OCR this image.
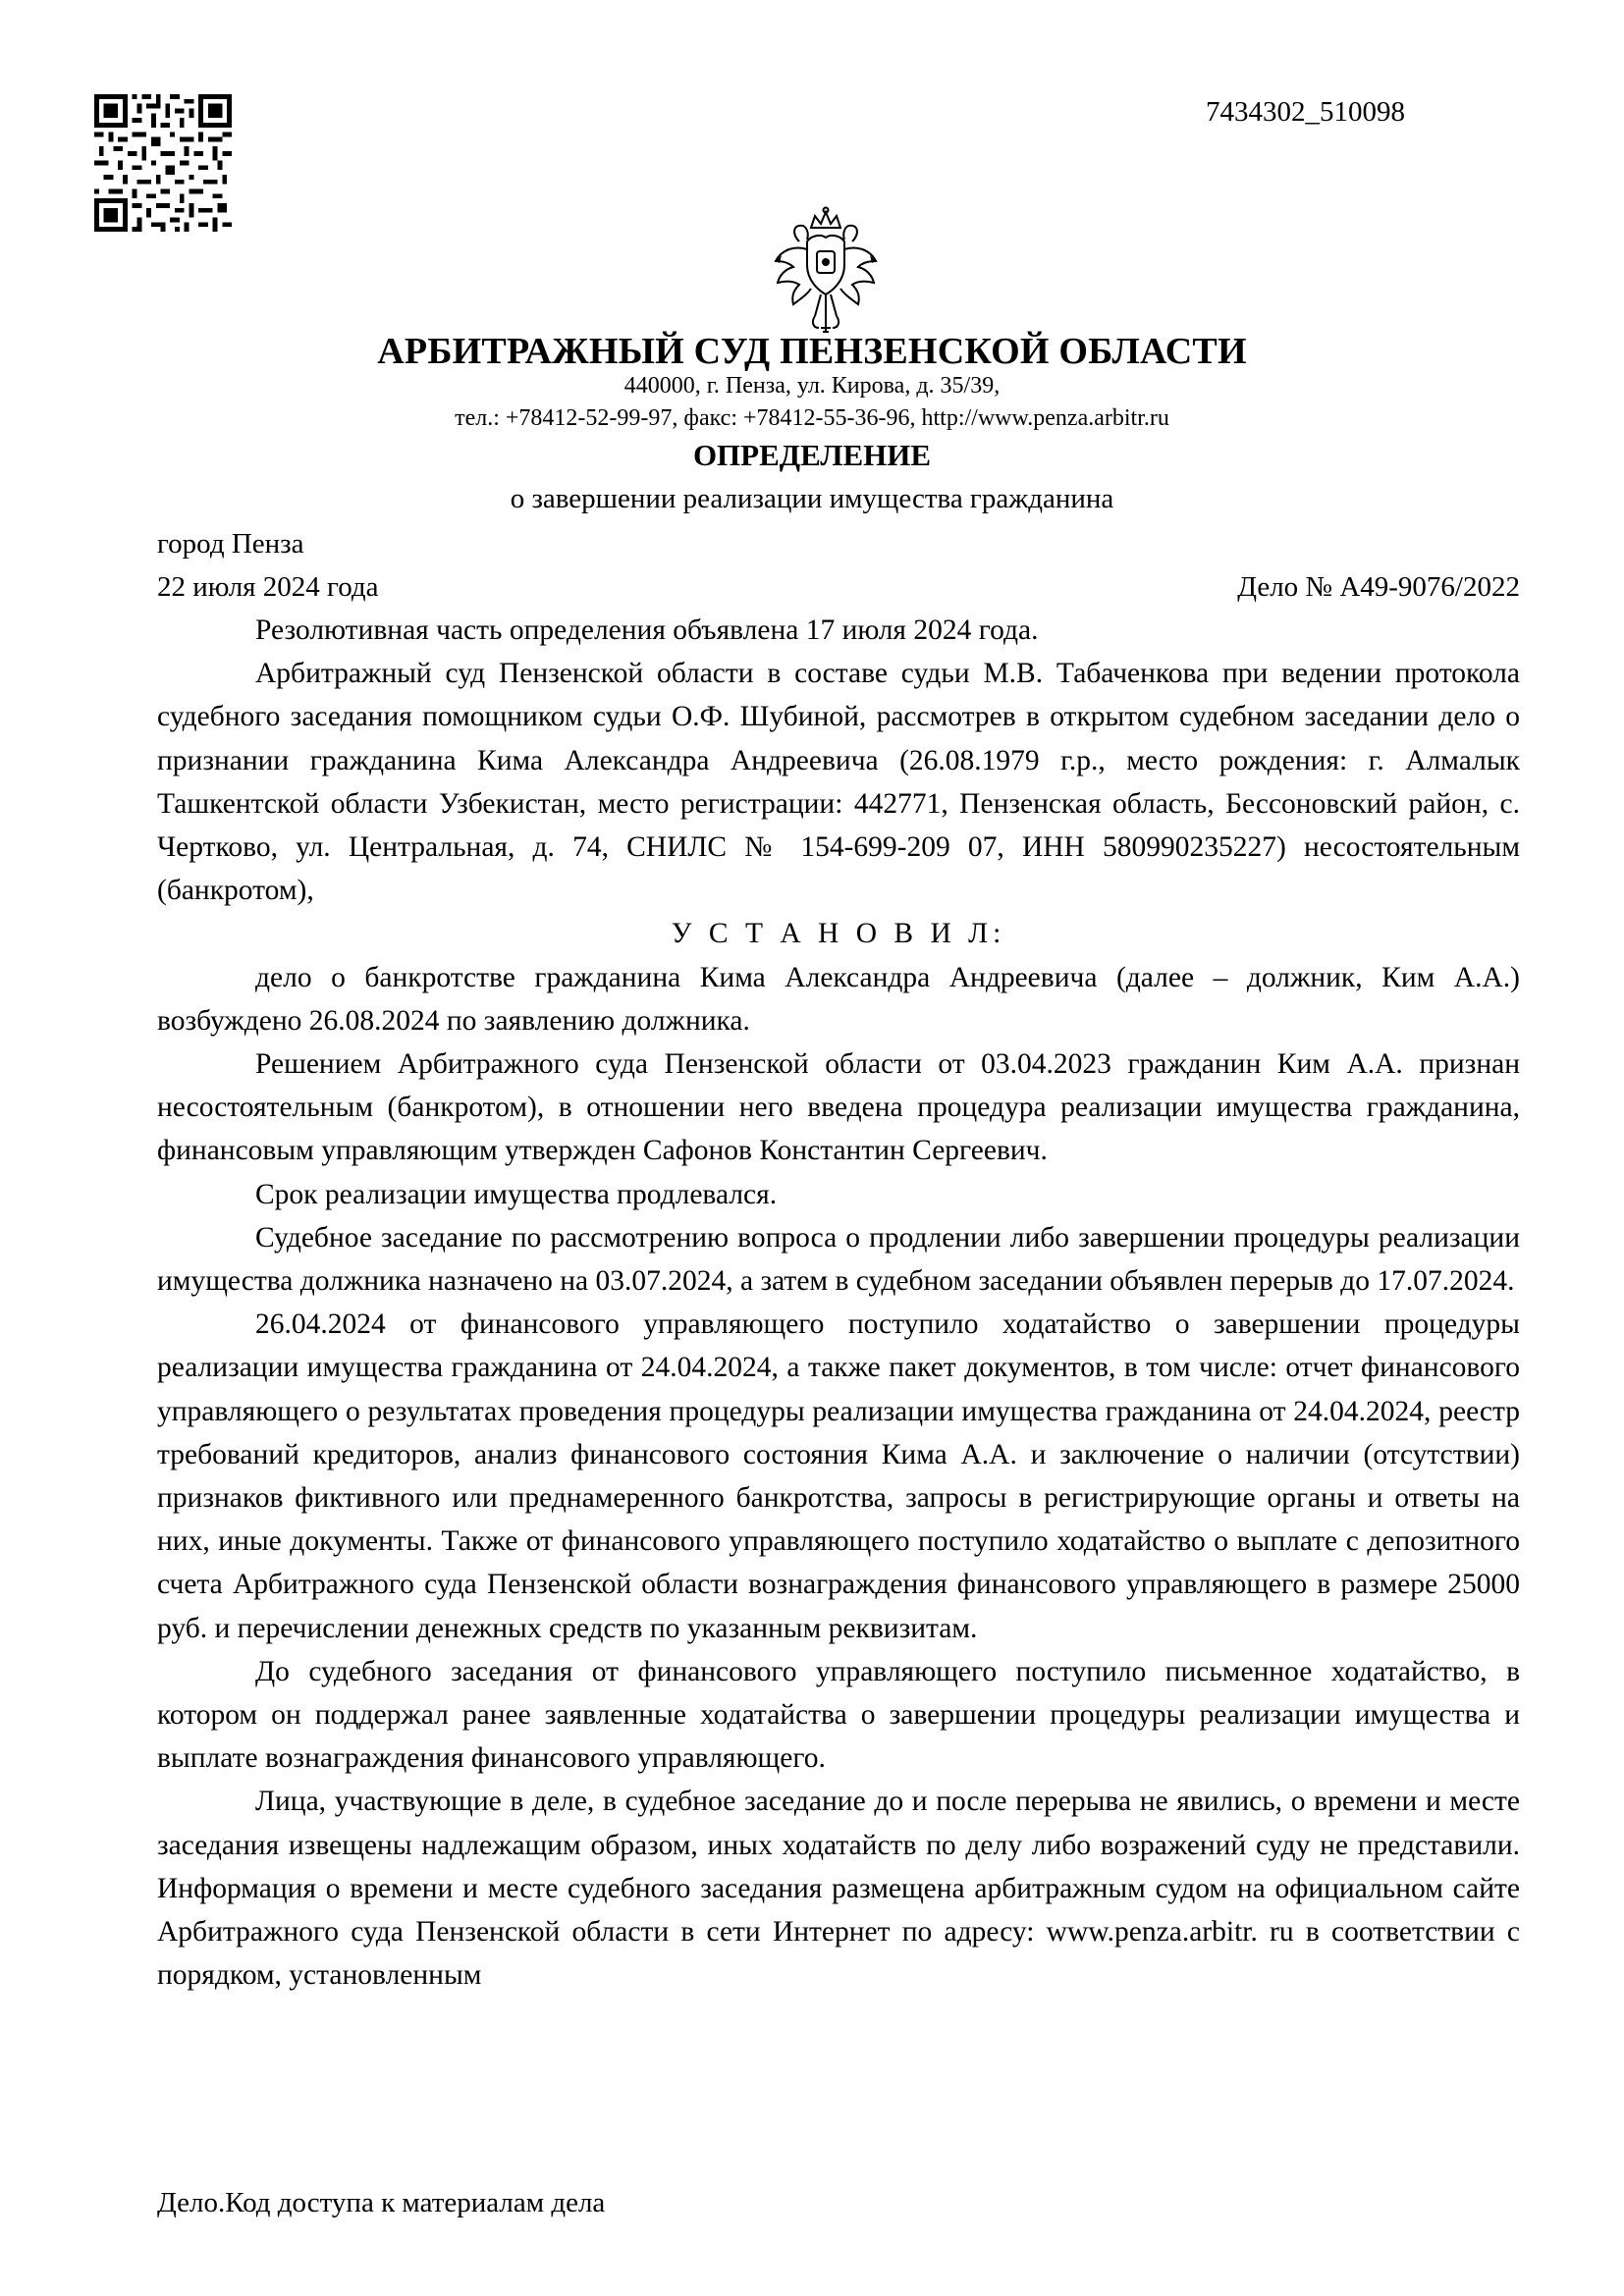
7434302_510098
АРБИТРАЖНЫЙ СУД ПЕНЗЕНСКОЙ ОБЛАСТИ
440000, г. Пенза, ул. Кирова, д. 35/39,
тел.: +78412-52-99-97, факс: +78412-55-36-96, http://www.penza.arbitr.ru
ОПРЕДЕЛЕНИЕ
о завершении реализации имущества гражданина
город Пенза
22 июля 2024 года	Дело № А49-9076/2022

Резолютивная часть определения объявлена 17 июля 2024 года.

Арбитражный суд Пензенской области в составе судьи М.В. Табаченкова при ведении протокола судебного заседания помощником судьи О.Ф. Шубиной, рассмотрев в открытом судебном заседании дело о признании гражданина Кима Александра Андреевича (26.08.1979 г.р., место рождения: г. Алмалык Ташкентской области Узбекистан, место регистрации: 442771, Пензенская область, Бессоновский район, с. Чертково, ул. Центральная, д. 74, СНИЛС № 154-699-209 07, ИНН 580990235227) несостоятельным (банкротом),

У С Т А Н О В И Л:

дело о банкротстве гражданина Кима Александра Андреевича (далее – должник, Ким А.А.) возбуждено 26.08.2024 по заявлению должника.

Решением Арбитражного суда Пензенской области от 03.04.2023 гражданин Ким А.А. признан несостоятельным (банкротом), в отношении него введена процедура реализации имущества гражданина, финансовым управляющим утвержден Сафонов Константин Сергеевич.

Срок реализации имущества продлевался.

Судебное заседание по рассмотрению вопроса о продлении либо завершении процедуры реализации имущества должника назначено на 03.07.2024, а затем в судебном заседании объявлен перерыв до 17.07.2024.

26.04.2024 от финансового управляющего поступило ходатайство о завершении процедуры реализации имущества гражданина от 24.04.2024, а также пакет документов, в том числе: отчет финансового управляющего о результатах проведения процедуры реализации имущества гражданина от 24.04.2024, реестр требований кредиторов, анализ финансового состояния Кима А.А. и заключение о наличии (отсутствии) признаков фиктивного или преднамеренного банкротства, запросы в регистрирующие органы и ответы на них, иные документы. Также от финансового управляющего поступило ходатайство о выплате с депозитного счета Арбитражного суда Пензенской области вознаграждения финансового управляющего в размере 25000 руб. и перечислении денежных средств по указанным реквизитам.

До судебного заседания от финансового управляющего поступило письменное ходатайство, в котором он поддержал ранее заявленные ходатайства о завершении процедуры реализации имущества и выплате вознаграждения финансового управляющего.

Лица, участвующие в деле, в судебное заседание до и после перерыва не явились, о времени и месте заседания извещены надлежащим образом, иных ходатайств по делу либо возражений суду не представили. Информация о времени и месте судебного заседания размещена арбитражным судом на официальном сайте Арбитражного суда Пензенской области в сети Интернет по адресу: www.penza.arbitr. ru в соответствии с порядком, установленным

Дело.Код доступа к материалам дела
